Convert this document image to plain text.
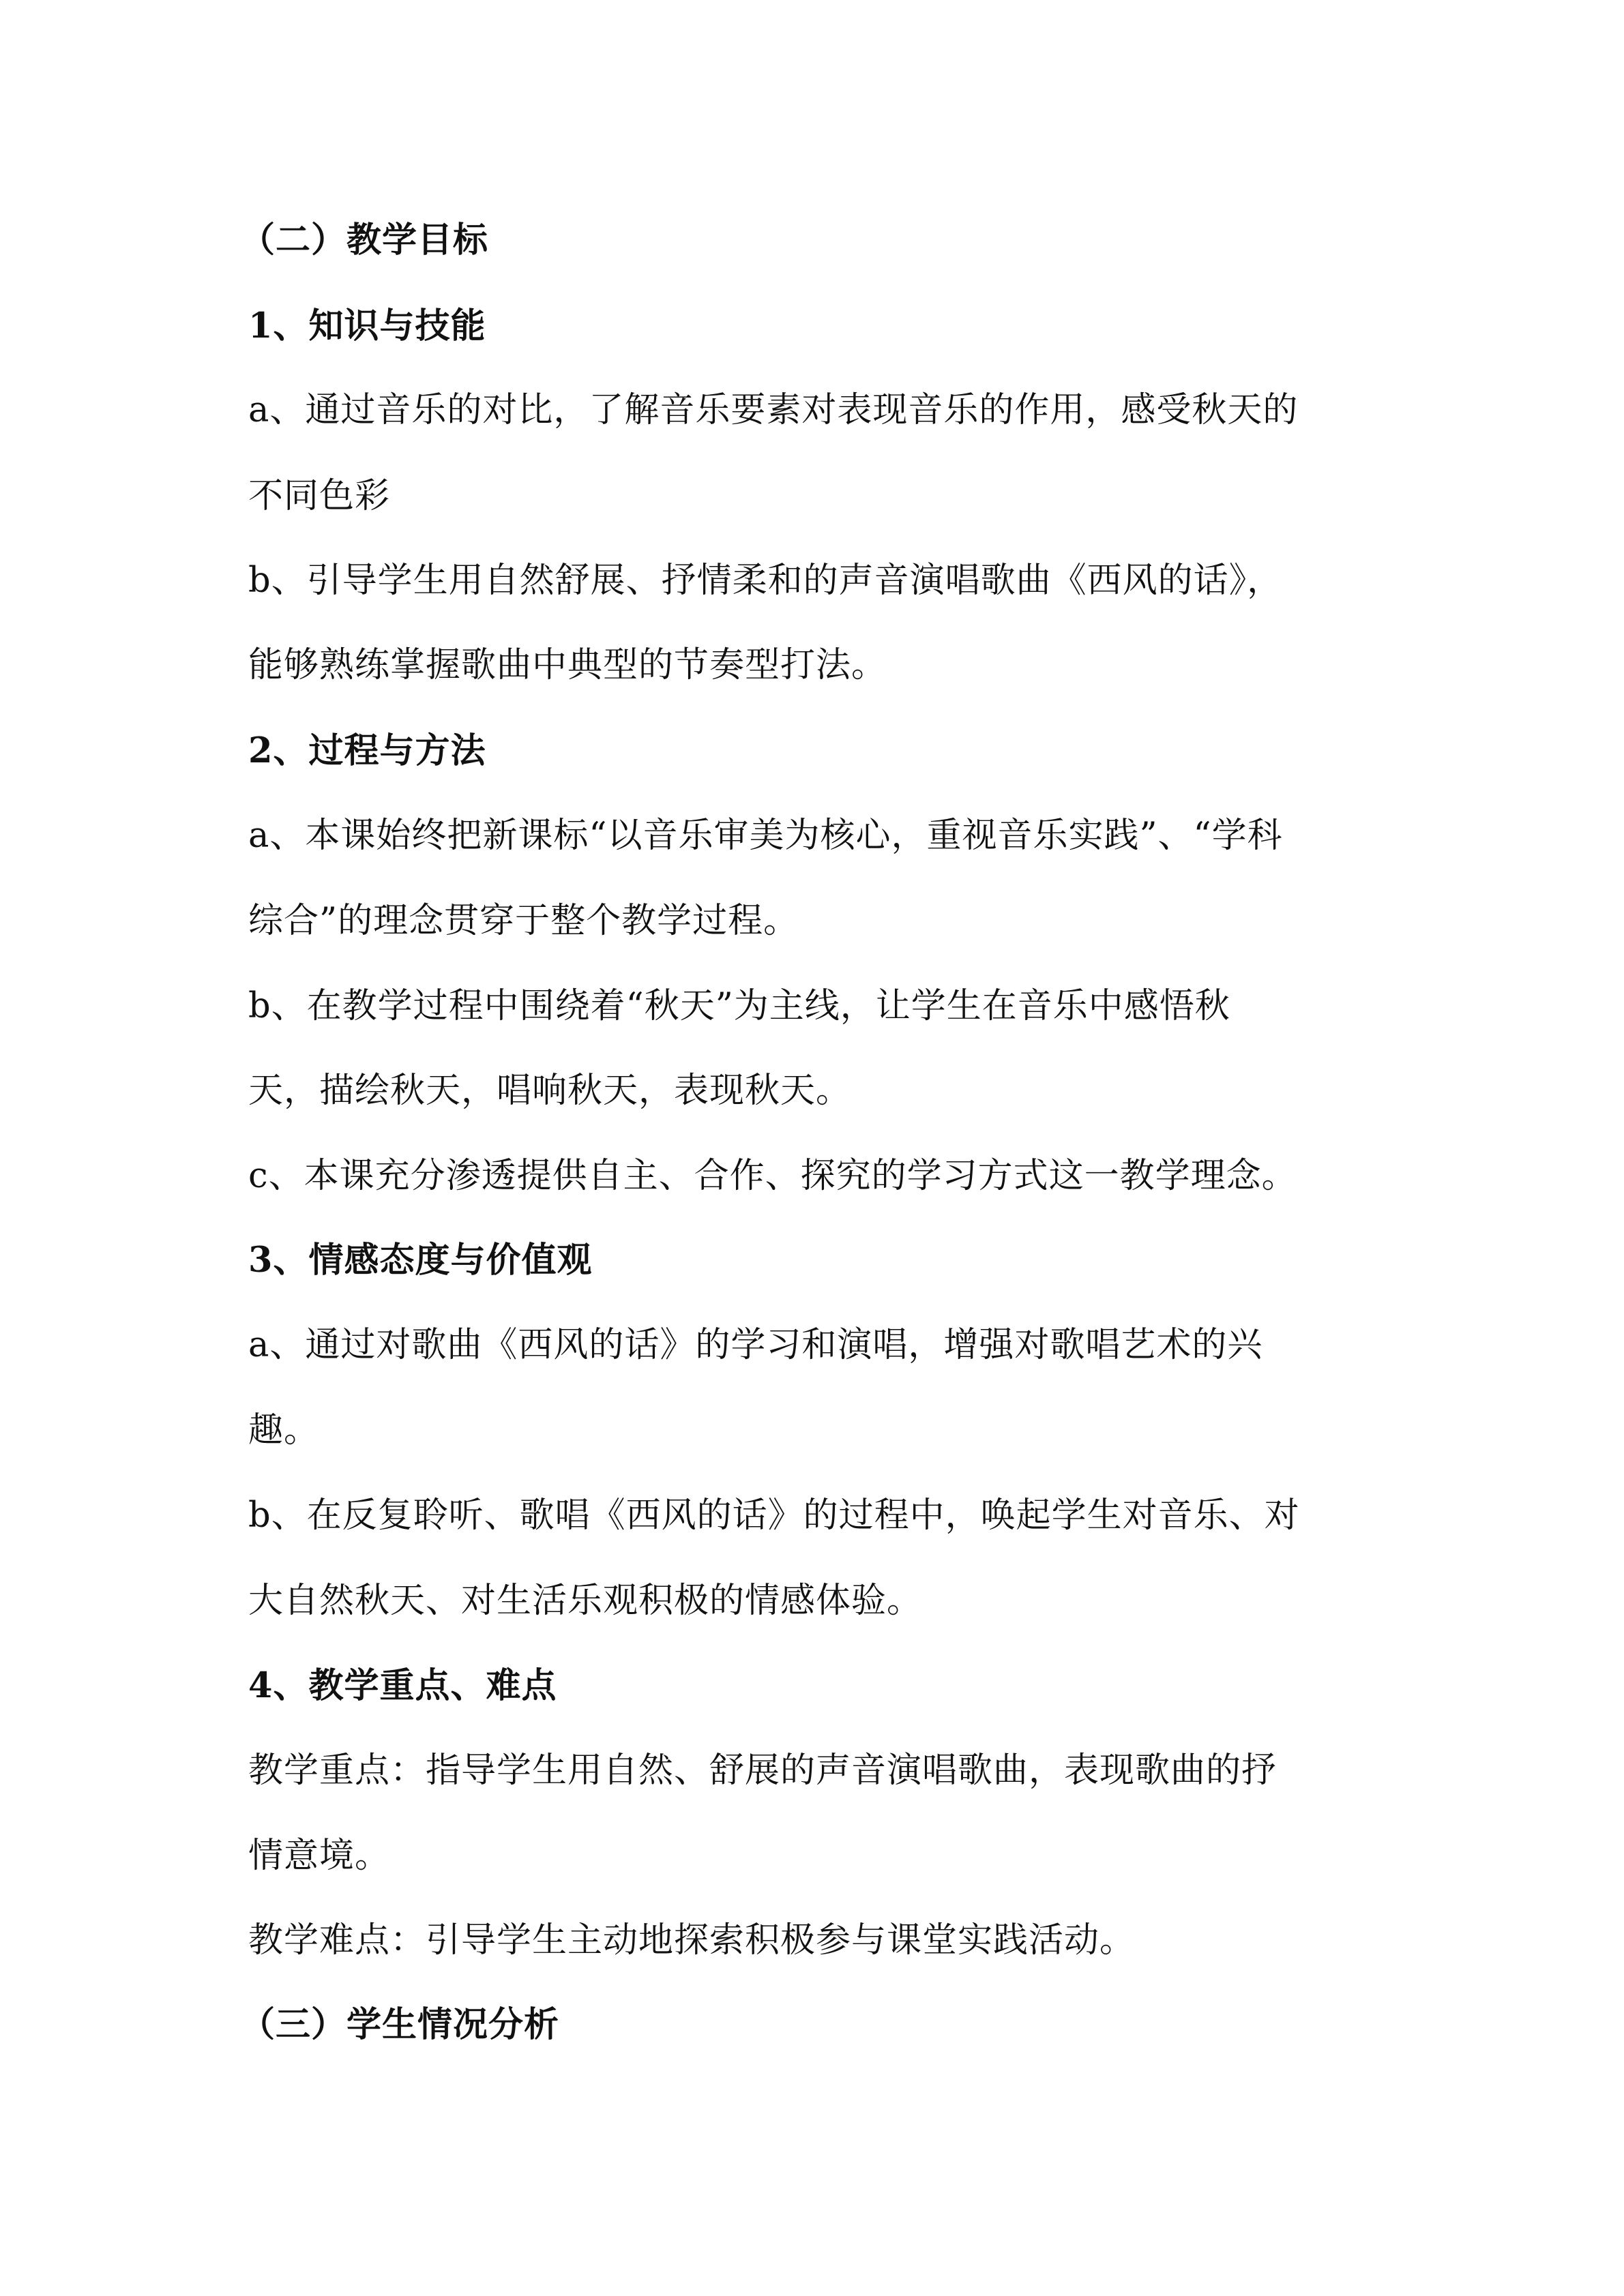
（二）教学目标
1、知识与技能
a、通过音乐的对比，了解音乐要素对表现音乐的作用，感受秋天的
不同色彩
b、引导学生用自然舒展、抒情柔和的声音演唱歌曲《西风的话》，
能够熟练掌握歌曲中典型的节奏型打法。
2、过程与方法
a、本课始终把新课标“以音乐审美为核心，重视音乐实践”、“学科
综合”的理念贯穿于整个教学过程。
b、在教学过程中围绕着“秋天”为主线，让学生在音乐中感悟秋
天，描绘秋天，唱响秋天，表现秋天。
c、本课充分渗透提供自主、合作、探究的学习方式这一教学理念。
3、情感态度与价值观
a、通过对歌曲《西风的话》的学习和演唱，增强对歌唱艺术的兴
趣。
b、在反复聆听、歌唱《西风的话》的过程中，唤起学生对音乐、对
大自然秋天、对生活乐观积极的情感体验。
4、教学重点、难点
教学重点：指导学生用自然、舒展的声音演唱歌曲，表现歌曲的抒
情意境。
教学难点：引导学生主动地探索积极参与课堂实践活动。
（三）学生情况分析
